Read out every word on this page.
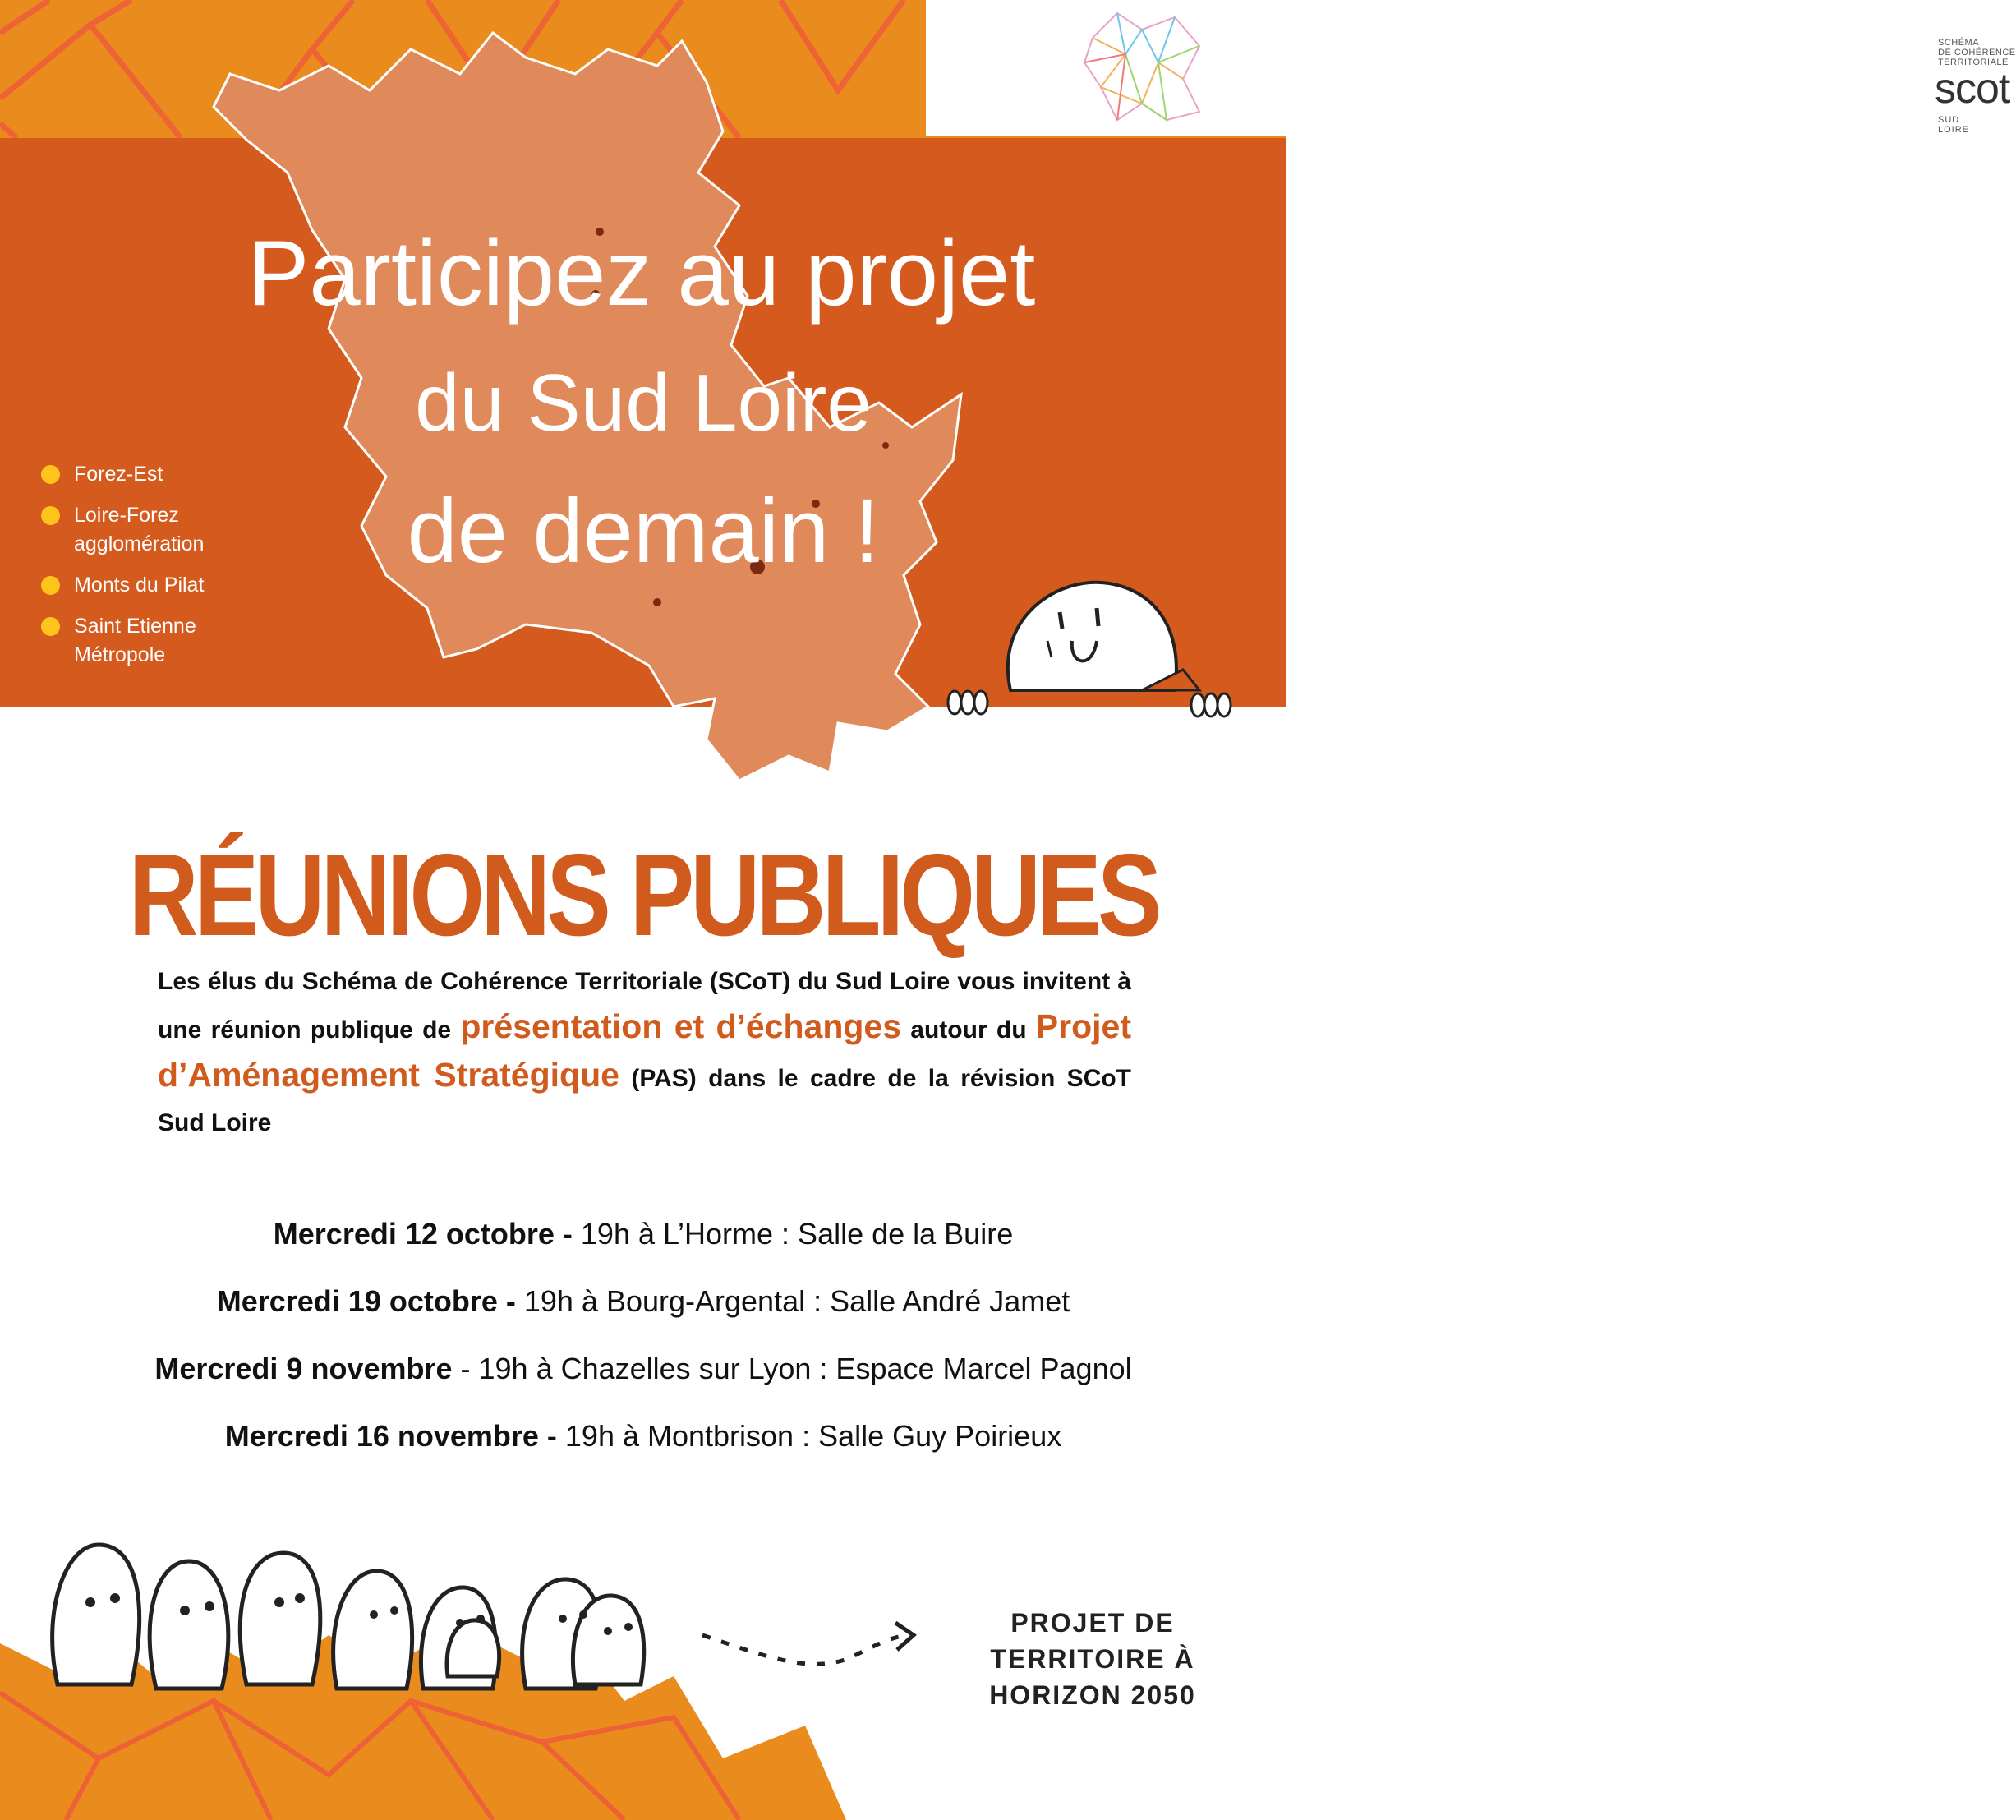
SCHÉMA
DE COHÉRENCE
TERRITORIALE
scot
SUD LOIRE
Participez au projet
du Sud Loire
de demain !
Forez-Est
Loire-Forez agglomération
Monts du Pilat
Saint Etienne Métropole
RÉUNIONS PUBLIQUES
Les élus du Schéma de Cohérence Territoriale (SCoT) du Sud Loire vous invitent à une réunion publique de présentation et d’échanges autour du Projet d’Aménagement Stratégique (PAS) dans le cadre de la révision SCoT Sud Loire
Mercredi 12 octobre - 19h à L’Horme : Salle de la Buire
Mercredi 19 octobre - 19h à Bourg-Argental : Salle André Jamet
Mercredi 9 novembre - 19h à Chazelles sur Lyon : Espace Marcel Pagnol
Mercredi 16 novembre - 19h à Montbrison : Salle Guy Poirieux
PROJET DE
TERRITOIRE À
HORIZON 2050
